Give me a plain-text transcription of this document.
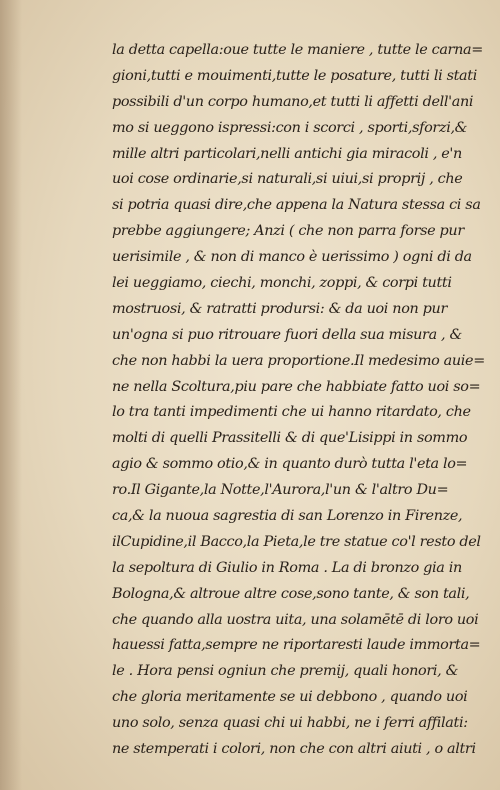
la detta capella:oue tutte le maniere , tutte le carna=
gioni,tutti e mouimenti,tutte le posature, tutti li stati
possibili d'un corpo humano,et tutti li affetti dell'ani
mo si ueggono ispressi:con i scorci , sporti,sforzi,&
mille altri particolari,nelli antichi gia miracoli , e'n
uoi cose ordinarie,si naturali,si uiui,si proprij , che
si potria quasi dire,che appena la Natura stessa ci sa
prebbe aggiungere; Anzi ( che non parra forse pur
uerisimile , & non di manco è uerissimo ) ogni di da
lei ueggiamo, ciechi, monchi, zoppi, & corpi tutti
mostruosi, & ratratti prodursi: & da uoi non pur
un'ogna si puo ritrouare fuori della sua misura , &
che non habbi la uera proportione.Il medesimo auie=
ne nella Scoltura,piu pare che habbiate fatto uoi so=
lo tra tanti impedimenti che ui hanno ritardato, che
molti di quelli Prassitelli & di que'Lisippi in sommo
agio & sommo otio,& in quanto durò tutta l'eta lo=
ro.Il Gigante,la Notte,l'Aurora,l'un & l'altro Du=
ca,& la nuoua sagrestia di san Lorenzo in Firenze,
ilCupidine,il Bacco,la Pieta,le tre statue co'l resto del
la sepoltura di Giulio in Roma . La di bronzo gia in
Bologna,& altroue altre cose,sono tante, & son tali,
che quando alla uostra uita, una solamētē di loro uoi
hauessi fatta,sempre ne riportaresti laude immorta=
le . Hora pensi ogniun che premij, quali honori, &
che gloria meritamente se ui debbono , quando uoi
uno solo, senza quasi chi ui habbi, ne i ferri affilati:
ne stemperati i colori, non che con altri aiuti , o altri
